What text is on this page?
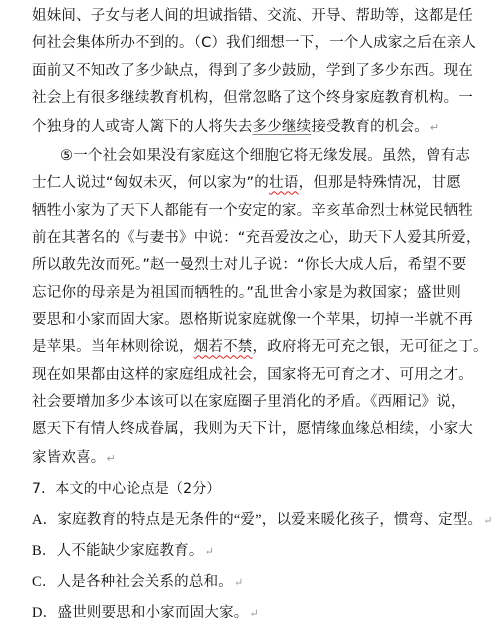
姐妹间、子女与老人间的坦诚指错、交流、开导、帮助等，这都是任
何社会集体所办不到的。（C）我们细想一下，一个人成家之后在亲人
面前又不知改了多少缺点，得到了多少鼓励，学到了多少东西。现在
社会上有很多继续教育机构，但常忽略了这个终身家庭教育机构。一
个独身的人或寄人篱下的人将失去多少继续接受教育的机会。↵
⑤一个社会如果没有家庭这个细胞它将无缘发展。虽然，曾有志
士仁人说过“匈奴未灭，何以家为”的壮语，但那是特殊情况，甘愿
牺牲小家为了天下人都能有一个安定的家。辛亥革命烈士林觉民牺牲
前在其著名的《与妻书》中说：“充吾爱汝之心，助天下人爱其所爱，
所以敢先汝而死。”赵一曼烈士对儿子说：“你长大成人后，希望不要
忘记你的母亲是为祖国而牺牲的。”乱世舍小家是为救国家；盛世则
要思和小家而固大家。恩格斯说家庭就像一个苹果，切掉一半就不再
是苹果。当年林则徐说，烟若不禁，政府将无可充之银，无可征之丁。
现在如果都由这样的家庭组成社会，国家将无可育之才、可用之才。
社会要增加多少本该可以在家庭圈子里消化的矛盾。《西厢记》说，
愿天下有情人终成眷属，我则为天下计，愿情缘血缘总相续，小家大
家皆欢喜。↵
7．本文的中心论点是（2分）
A．家庭教育的特点是无条件的“爱”，以爱来暖化孩子，惯弯、定型。↵
B．人不能缺少家庭教育。↵
C．人是各种社会关系的总和。↵
D．盛世则要思和小家而固大家。↵
